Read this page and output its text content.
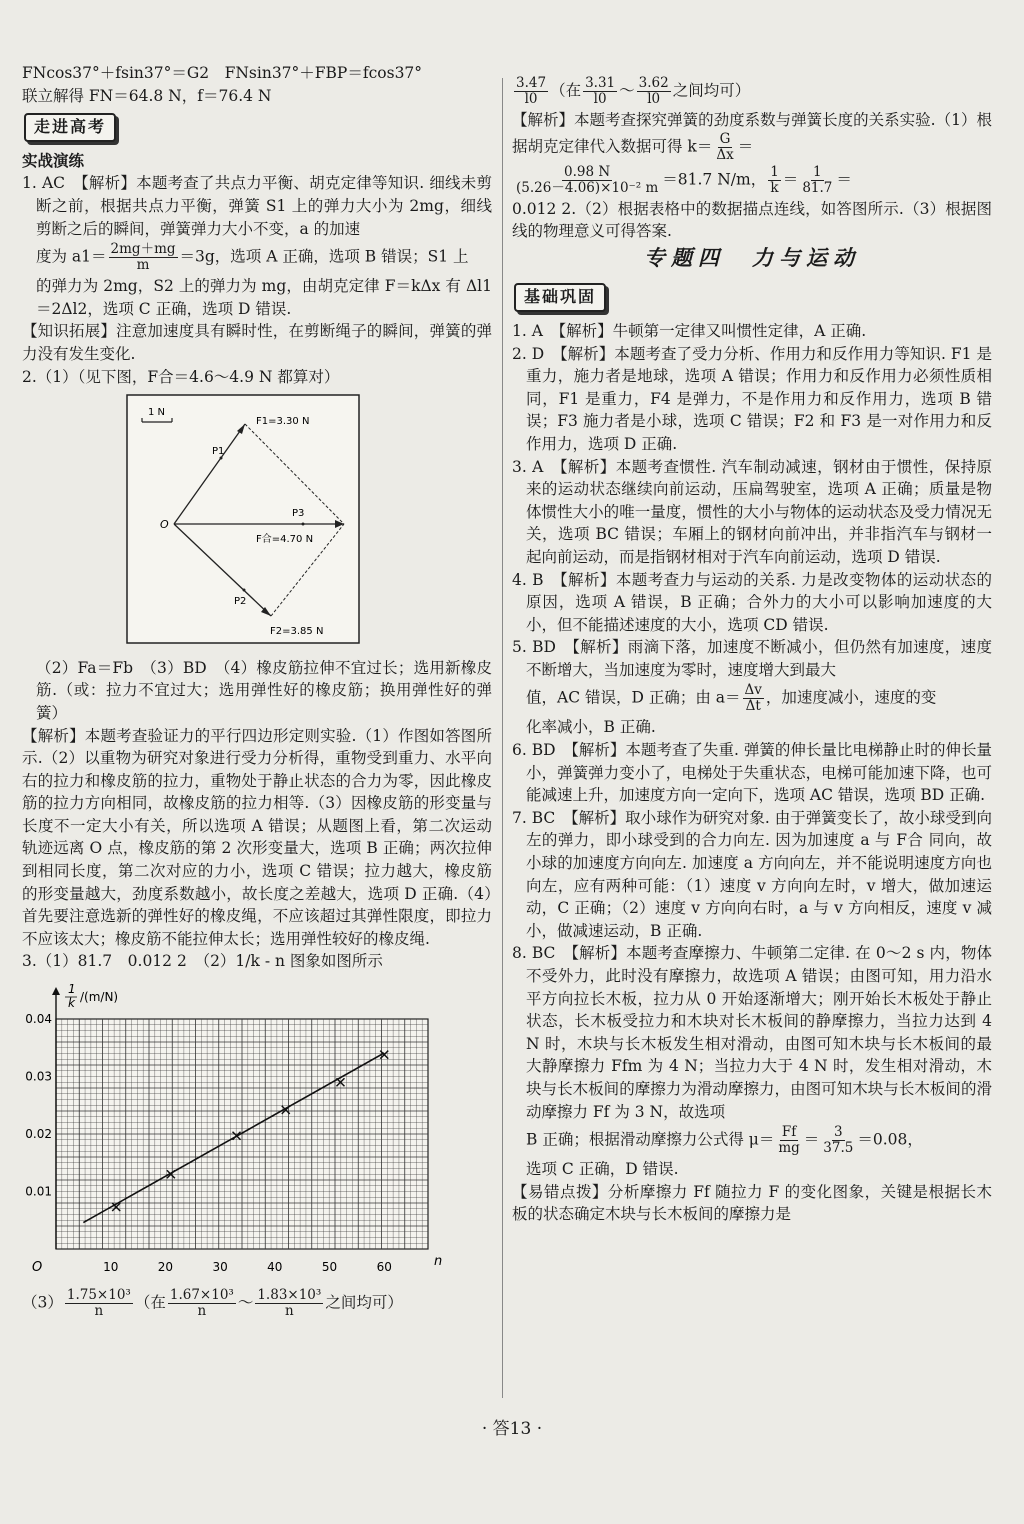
FNcos37°＋fsin37°＝G2　FNsin37°＋FBP＝fcos37°

联立解得 FN＝64.8 N，f＝76.4 N

走进高考

实战演练

1. AC　【解析】本题考查了共点力平衡、胡克定律等知识. 细线未剪断之前，根据共点力平衡，弹簧 S1 上的弹力大小为 2mg，细线剪断之后的瞬间，弹簧弹力大小不变，a 的加速

度为 $a1= \frac{2mg+mg}{m} =3g$，选项 A 正确，选项 B 错误；S1 上

的弹力为 2mg，S2 上的弹力为 mg，由胡克定律 F＝kΔx 有 Δl1＝2Δl2，选项 C 正确，选项 D 错误.

【知识拓展】注意加速度具有瞬时性，在剪断绳子的瞬间，弹簧的弹力没有发生变化.

2.（1）（见下图，F合＝4.6～4.9 N 都算对）

1 N
F1=3.30 N
P1
O
P3
F合=4.70 N
P2
F2=3.85 N

（2）Fa＝Fb　（3）BD　（4）橡皮筋拉伸不宜过长；选用新橡皮筋.（或：拉力不宜过大；选用弹性好的橡皮筋；换用弹性好的弹簧）

【解析】本题考查验证力的平行四边形定则实验.（1）作图如答图所示.（2）以重物为研究对象进行受力分析得，重物受到重力、水平向右的拉力和橡皮筋的拉力，重物处于静止状态的合力为零，因此橡皮筋的拉力方向相同，故橡皮筋的拉力相等.（3）因橡皮筋的形变量与长度不一定大小有关，所以选项 A 错误；从题图上看，第二次运动轨迹远离 O 点，橡皮筋的第 2 次形变量大，选项 B 正确；两次拉伸到相同长度，第二次对应的力小，选项 C 错误；拉力越大，橡皮筋的形变量越大，劲度系数越小，故长度之差越大，选项 D 正确.（4）首先要注意选新的弹性好的橡皮绳，不应该超过其弹性限度，即拉力不应该太大；橡皮筋不能拉伸太长；选用弹性较好的橡皮绳.

3.（1）81.7　0.012 2　（2）1/k - n 图象如图所示

1 k /(m/N)
O	n
10	20	30	40	50	60
0.01
0.02
0.03
0.04

$(3) \frac{\text{1.75×10³}}{n}$ （在 $\frac{\text{1.67×10³}}{n}$ ～ $\frac{\text{1.83×10³}}{n}$ 之间均可）

$\frac{3.47}{l0}$ （在 $\frac{3.31}{l0}$ ～ $\frac{3.62}{l0}$ 之间均可）

【解析】本题考查探究弹簧的劲度系数与弹簧长度的关系实验.（1）根据胡克定律代入数据可得 $k= \frac{G}{\Delta x}$ ＝

$\frac{0.98 N}{\text{(5.26－4.06)×10⁻² m}} =81.7$ N/m， $\frac{1}{k} = \frac{1}{81.7}$ ＝

0.012 2.（2）根据表格中的数据描点连线，如答图所示.（3）根据图线的物理意义可得答案.

专题四　力与运动
基础巩固

1. A　【解析】牛顿第一定律又叫惯性定律，A 正确.

2. D　【解析】本题考查了受力分析、作用力和反作用力等知识. F1 是重力，施力者是地球，选项 A 错误；作用力和反作用力必须性质相同，F1 是重力，F4 是弹力，不是作用力和反作用力，选项 B 错误；F3 施力者是小球，选项 C 错误；F2 和 F3 是一对作用力和反作用力，选项 D 正确.

3. A　【解析】本题考查惯性. 汽车制动减速，钢材由于惯性，保持原来的运动状态继续向前运动，压扁驾驶室，选项 A 正确；质量是物体惯性大小的唯一量度，惯性的大小与物体的运动状态及受力情况无关，选项 BC 错误；车厢上的钢材向前冲出，并非指汽车与钢材一起向前运动，而是指钢材相对于汽车向前运动，选项 D 错误.

4. B　【解析】本题考查力与运动的关系. 力是改变物体的运动状态的原因，选项 A 错误，B 正确；合外力的大小可以影响加速度的大小，但不能描述速度的大小，选项 CD 错误.

5. BD　【解析】雨滴下落，加速度不断减小，但仍然有加速度，速度不断增大，当加速度为零时，速度增大到最大

值，AC 错误，D 正确；由 $a= \frac{\Delta v}{\Delta t}$ ，加速度减小，速度的变

化率减小，B 正确.

6. BD　【解析】本题考查了失重. 弹簧的伸长量比电梯静止时的伸长量小，弹簧弹力变小了，电梯处于失重状态，电梯可能加速下降，也可能减速上升，加速度方向一定向下，选项 AC 错误，选项 BD 正确.

7. BC　【解析】取小球作为研究对象. 由于弹簧变长了，故小球受到向左的弹力，即小球受到的合力向左. 因为加速度 a 与 F合 同向，故小球的加速度方向向左. 加速度 a 方向向左，并不能说明速度方向也向左，应有两种可能：（1）速度 v 方向向左时，v 增大，做加速运动，C 正确；（2）速度 v 方向向右时，a 与 v 方向相反，速度 v 减小，做减速运动，B 正确.

8. BC　【解析】本题考查摩擦力、牛顿第二定律. 在 0～2 s 内，物体不受外力，此时没有摩擦力，故选项 A 错误；由图可知，用力沿水平方向拉长木板，拉力从 0 开始逐渐增大；刚开始长木板处于静止状态，长木板受拉力和木块对长木板间的静摩擦力，当拉力达到 4 N 时，木块与长木板发生相对滑动，由图可知木块与长木板间的最大静摩擦力 Ffm 为 4 N；当拉力大于 4 N 时，发生相对滑动，木块与长木板间的摩擦力为滑动摩擦力，由图可知木块与长木板间的滑动摩擦力 Ff 为 3 N，故选项

B 正确；根据滑动摩擦力公式得 $\mu= \frac{Ff}{mg} = \frac{3}{37.5} =0.08$，

选项 C 正确，D 错误.

【易错点拨】分析摩擦力 Ff 随拉力 F 的变化图象，关键是根据长木板的状态确定木块与长木板间的摩擦力是

· 答13 ·
